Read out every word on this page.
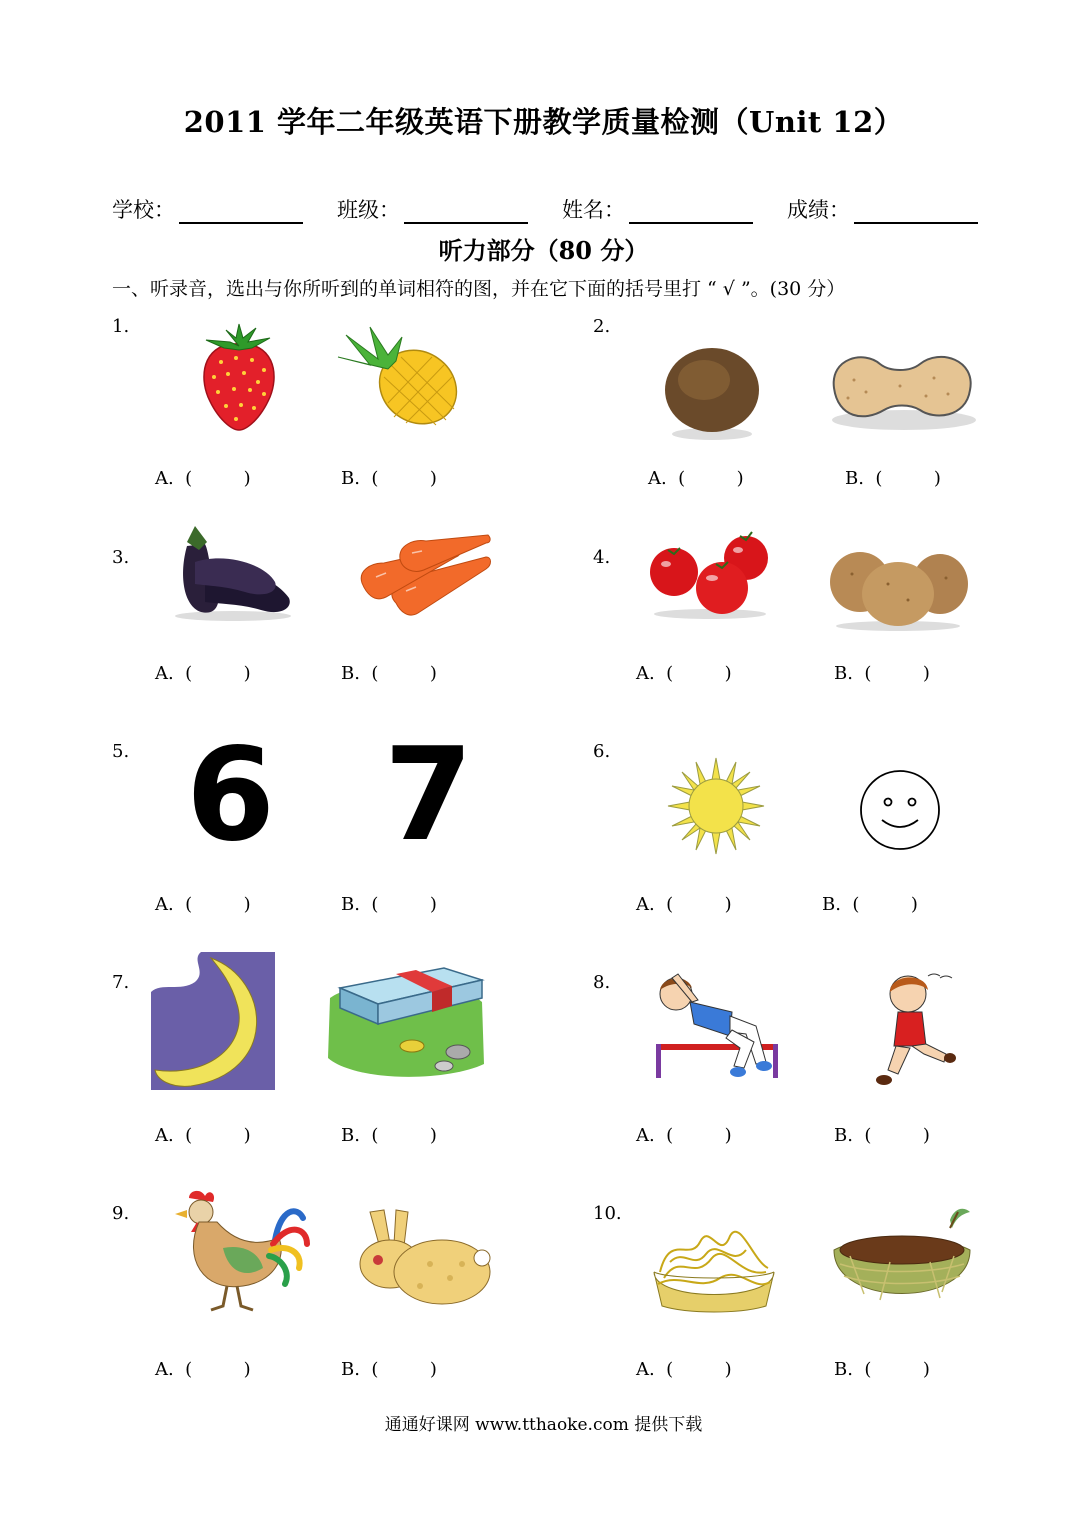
2011 学年二年级英语下册教学质量检测（Unit 12）
学校：	班级：	姓名：	成绩：
听力部分（80 分）
一、听录音，选出与你所听到的单词相符的图，并在它下面的括号里打 “ √ ”。(30 分）
1.
A.  (         )	B.  (         )
2.
A.  (         )	B.  (         )
3.
A.  (         )	B.  (         )
4.
A.  (         )	B.  (         )
5. 6 7
A.  (         )	B.  (         )
6.
A.  (         )	B.  (         )
7.
A.  (         )	B.  (         )
8.
A.  (         )	B.  (         )
9.
A.  (         )	B.  (         )
10.
A.  (         )	B.  (         )
通通好课网 www.tthaoke.com 提供下载
